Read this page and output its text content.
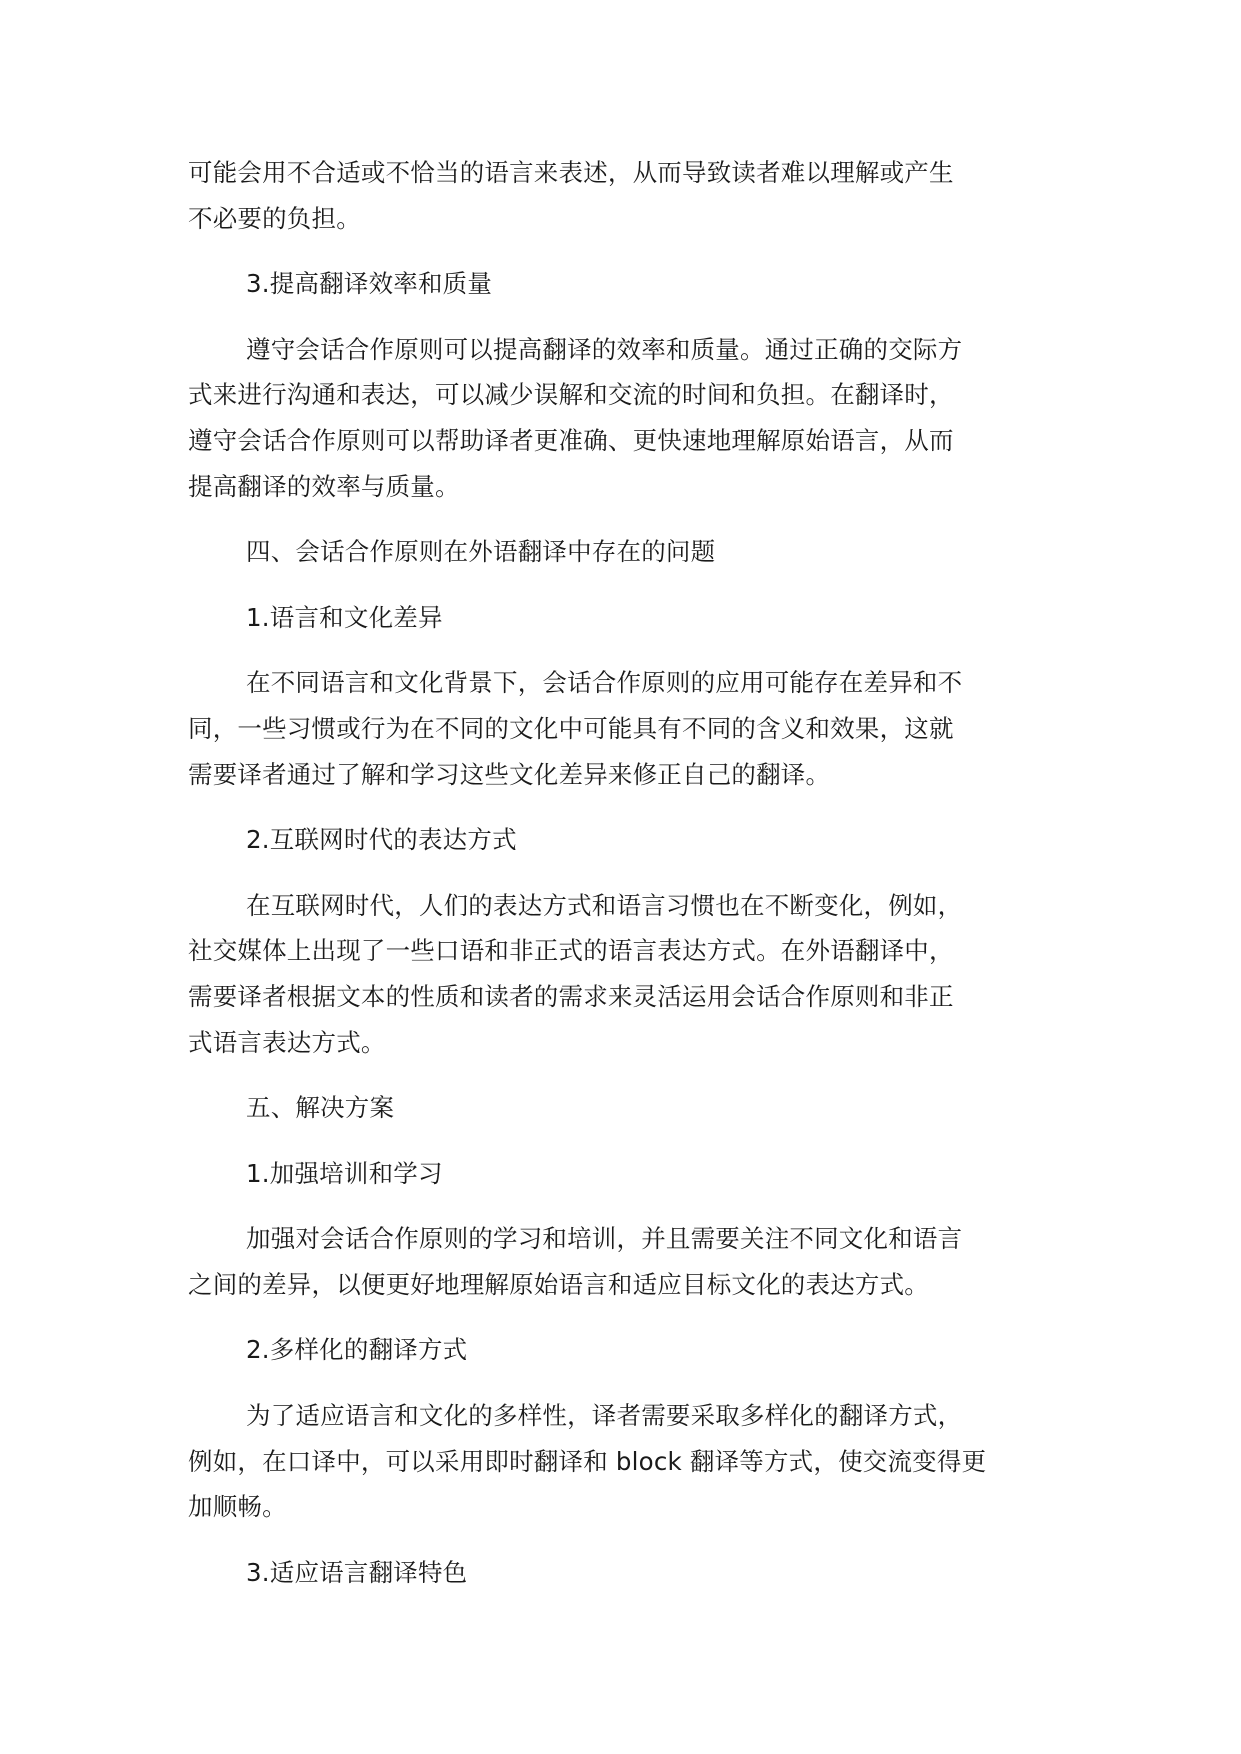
可能会用不合适或不恰当的语言来表述，从而导致读者难以理解或产生
不必要的负担。
3.提高翻译效率和质量
遵守会话合作原则可以提高翻译的效率和质量。通过正确的交际方
式来进行沟通和表达，可以减少误解和交流的时间和负担。在翻译时，
遵守会话合作原则可以帮助译者更准确、更快速地理解原始语言，从而
提高翻译的效率与质量。
四、会话合作原则在外语翻译中存在的问题
1.语言和文化差异
在不同语言和文化背景下，会话合作原则的应用可能存在差异和不
同，一些习惯或行为在不同的文化中可能具有不同的含义和效果，这就
需要译者通过了解和学习这些文化差异来修正自己的翻译。
2.互联网时代的表达方式
在互联网时代，人们的表达方式和语言习惯也在不断变化，例如，
社交媒体上出现了一些口语和非正式的语言表达方式。在外语翻译中，
需要译者根据文本的性质和读者的需求来灵活运用会话合作原则和非正
式语言表达方式。
五、解决方案
1.加强培训和学习
加强对会话合作原则的学习和培训，并且需要关注不同文化和语言
之间的差异，以便更好地理解原始语言和适应目标文化的表达方式。
2.多样化的翻译方式
为了适应语言和文化的多样性，译者需要采取多样化的翻译方式，
例如，在口译中，可以采用即时翻译和 block 翻译等方式，使交流变得更
加顺畅。
3.适应语言翻译特色
